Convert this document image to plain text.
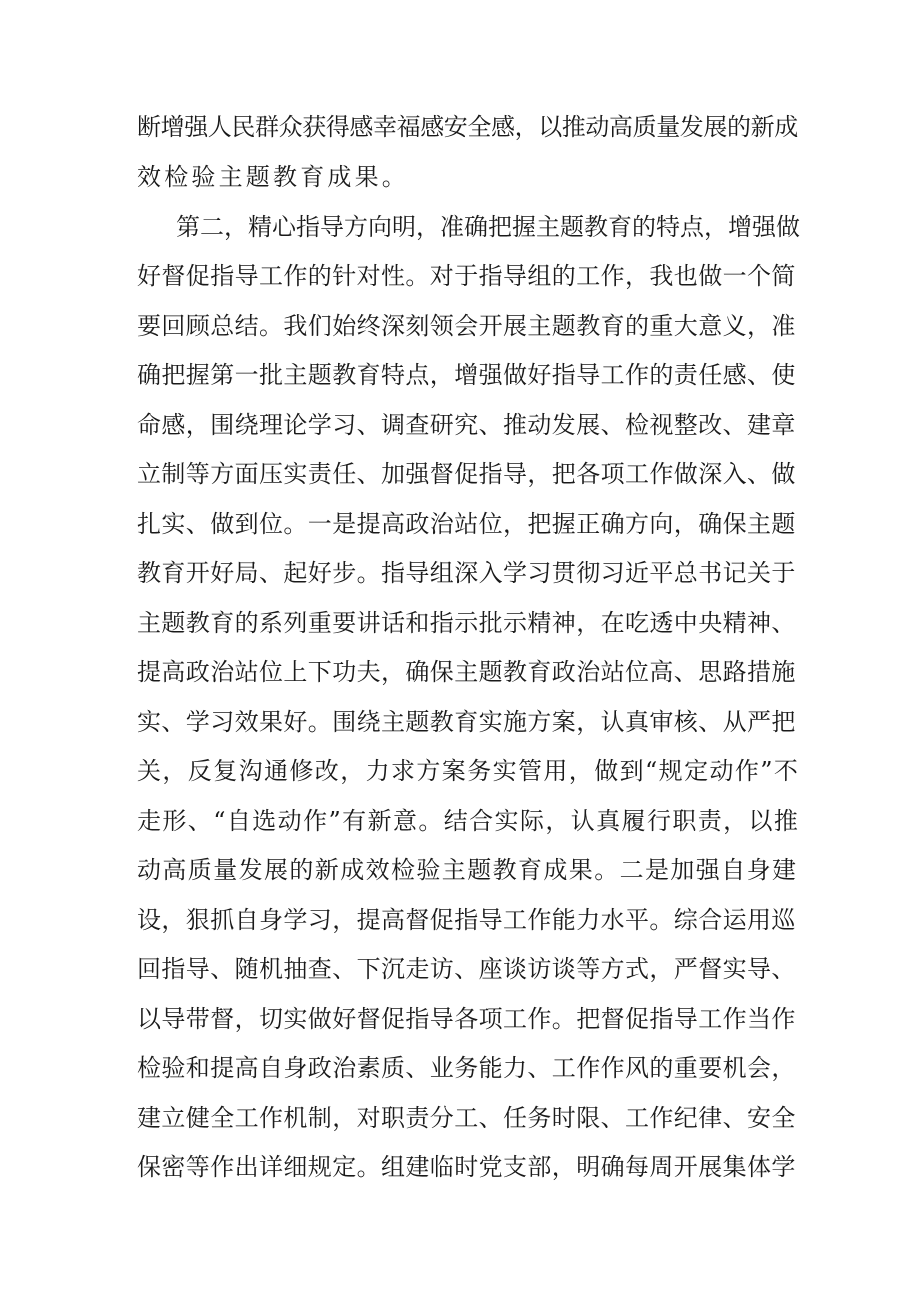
断增强人民群众获得感幸福感安全感，以推动高质量发展的新成
效检验主题教育成果。
第二，精心指导方向明，准确把握主题教育的特点，增强做
好督促指导工作的针对性。对于指导组的工作，我也做一个简
要回顾总结。我们始终深刻领会开展主题教育的重大意义，准
确把握第一批主题教育特点，增强做好指导工作的责任感、使
命感，围绕理论学习、调查研究、推动发展、检视整改、建章
立制等方面压实责任、加强督促指导，把各项工作做深入、做
扎实、做到位。一是提高政治站位，把握正确方向，确保主题
教育开好局、起好步。指导组深入学习贯彻习近平总书记关于
主题教育的系列重要讲话和指示批示精神，在吃透中央精神、
提高政治站位上下功夫，确保主题教育政治站位高、思路措施
实、学习效果好。围绕主题教育实施方案，认真审核、从严把
关，反复沟通修改，力求方案务实管用，做到“规定动作”不
走形、“自选动作”有新意。结合实际，认真履行职责，以推
动高质量发展的新成效检验主题教育成果。二是加强自身建
设，狠抓自身学习，提高督促指导工作能力水平。综合运用巡
回指导、随机抽查、下沉走访、座谈访谈等方式，严督实导、
以导带督，切实做好督促指导各项工作。把督促指导工作当作
检验和提高自身政治素质、业务能力、工作作风的重要机会，
建立健全工作机制，对职责分工、任务时限、工作纪律、安全
保密等作出详细规定。组建临时党支部，明确每周开展集体学
